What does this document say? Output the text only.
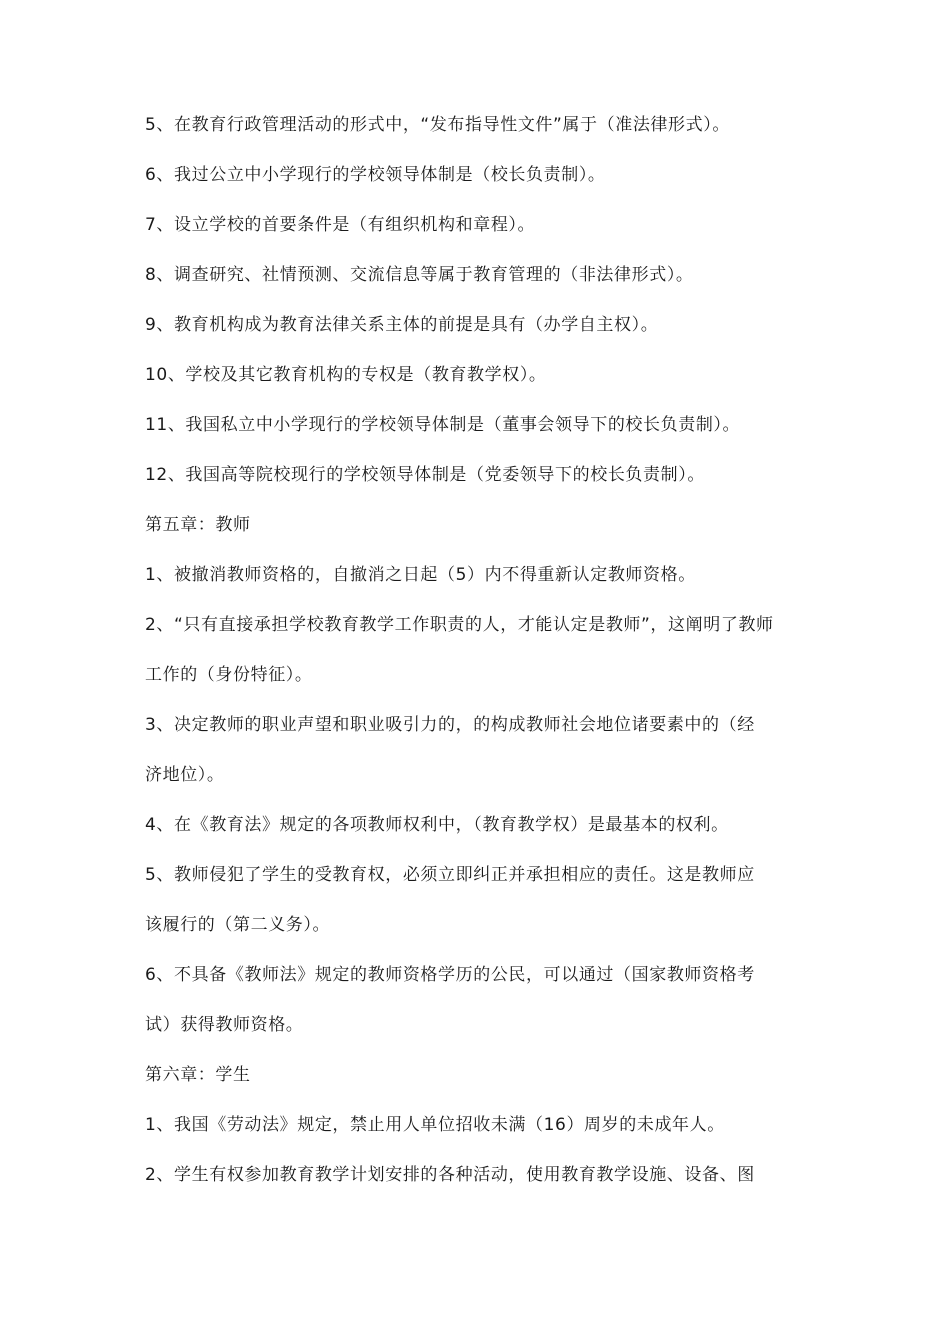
5、在教育行政管理活动的形式中，“发布指导性文件”属于（准法律形式）。
6、我过公立中小学现行的学校领导体制是（校长负责制）。
7、设立学校的首要条件是（有组织机构和章程）。
8、调查研究、社情预测、交流信息等属于教育管理的（非法律形式）。
9、教育机构成为教育法律关系主体的前提是具有（办学自主权）。
10、学校及其它教育机构的专权是（教育教学权）。
11、我国私立中小学现行的学校领导体制是（董事会领导下的校长负责制）。
12、我国高等院校现行的学校领导体制是（党委领导下的校长负责制）。
第五章：教师
1、被撤消教师资格的，自撤消之日起（5）内不得重新认定教师资格。
2、“只有直接承担学校教育教学工作职责的人，才能认定是教师”，这阐明了教师
工作的（身份特征）。
3、决定教师的职业声望和职业吸引力的，的构成教师社会地位诸要素中的（经
济地位）。
4、在《教育法》规定的各项教师权利中，（教育教学权）是最基本的权利。
5、教师侵犯了学生的受教育权，必须立即纠正并承担相应的责任。这是教师应
该履行的（第二义务）。
6、不具备《教师法》规定的教师资格学历的公民，可以通过（国家教师资格考
试）获得教师资格。
第六章：学生
1、我国《劳动法》规定，禁止用人单位招收未满（16）周岁的未成年人。
2、学生有权参加教育教学计划安排的各种活动，使用教育教学设施、设备、图
